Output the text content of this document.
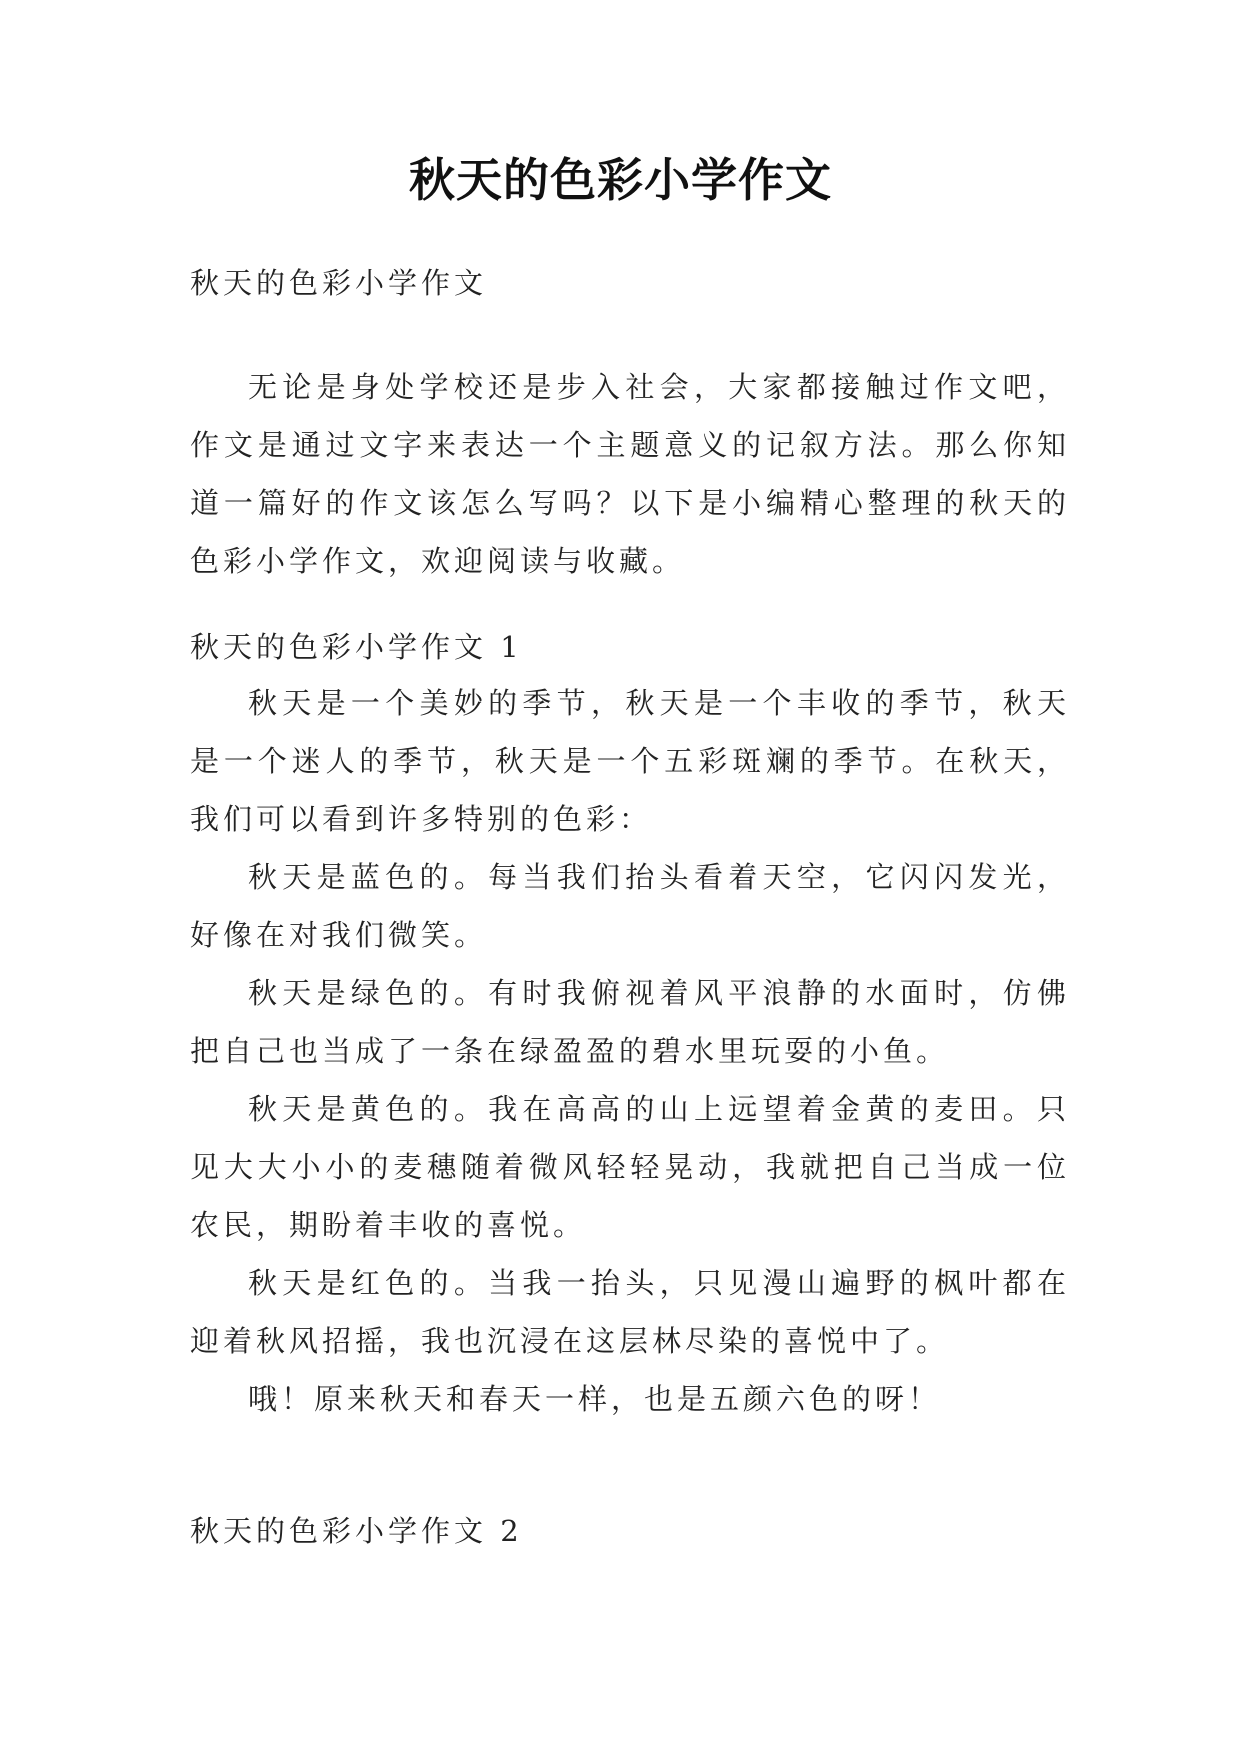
秋天的色彩小学作文
秋天的色彩小学作文

无论是身处学校还是步入社会，大家都接触过作文吧，作文是通过文字来表达一个主题意义的记叙方法。那么你知道一篇好的作文该怎么写吗？以下是小编精心整理的秋天的色彩小学作文，欢迎阅读与收藏。

秋天的色彩小学作文 1

秋天是一个美妙的季节，秋天是一个丰收的季节，秋天是一个迷人的季节，秋天是一个五彩斑斓的季节。在秋天，我们可以看到许多特别的色彩：

秋天是蓝色的。每当我们抬头看着天空，它闪闪发光，好像在对我们微笑。

秋天是绿色的。有时我俯视着风平浪静的水面时，仿佛把自己也当成了一条在绿盈盈的碧水里玩耍的小鱼。

秋天是黄色的。我在高高的山上远望着金黄的麦田。只见大大小小的麦穗随着微风轻轻晃动，我就把自己当成一位农民，期盼着丰收的喜悦。

秋天是红色的。当我一抬头，只见漫山遍野的枫叶都在迎着秋风招摇，我也沉浸在这层林尽染的喜悦中了。

哦！原来秋天和春天一样，也是五颜六色的呀！

秋天的色彩小学作文 2
